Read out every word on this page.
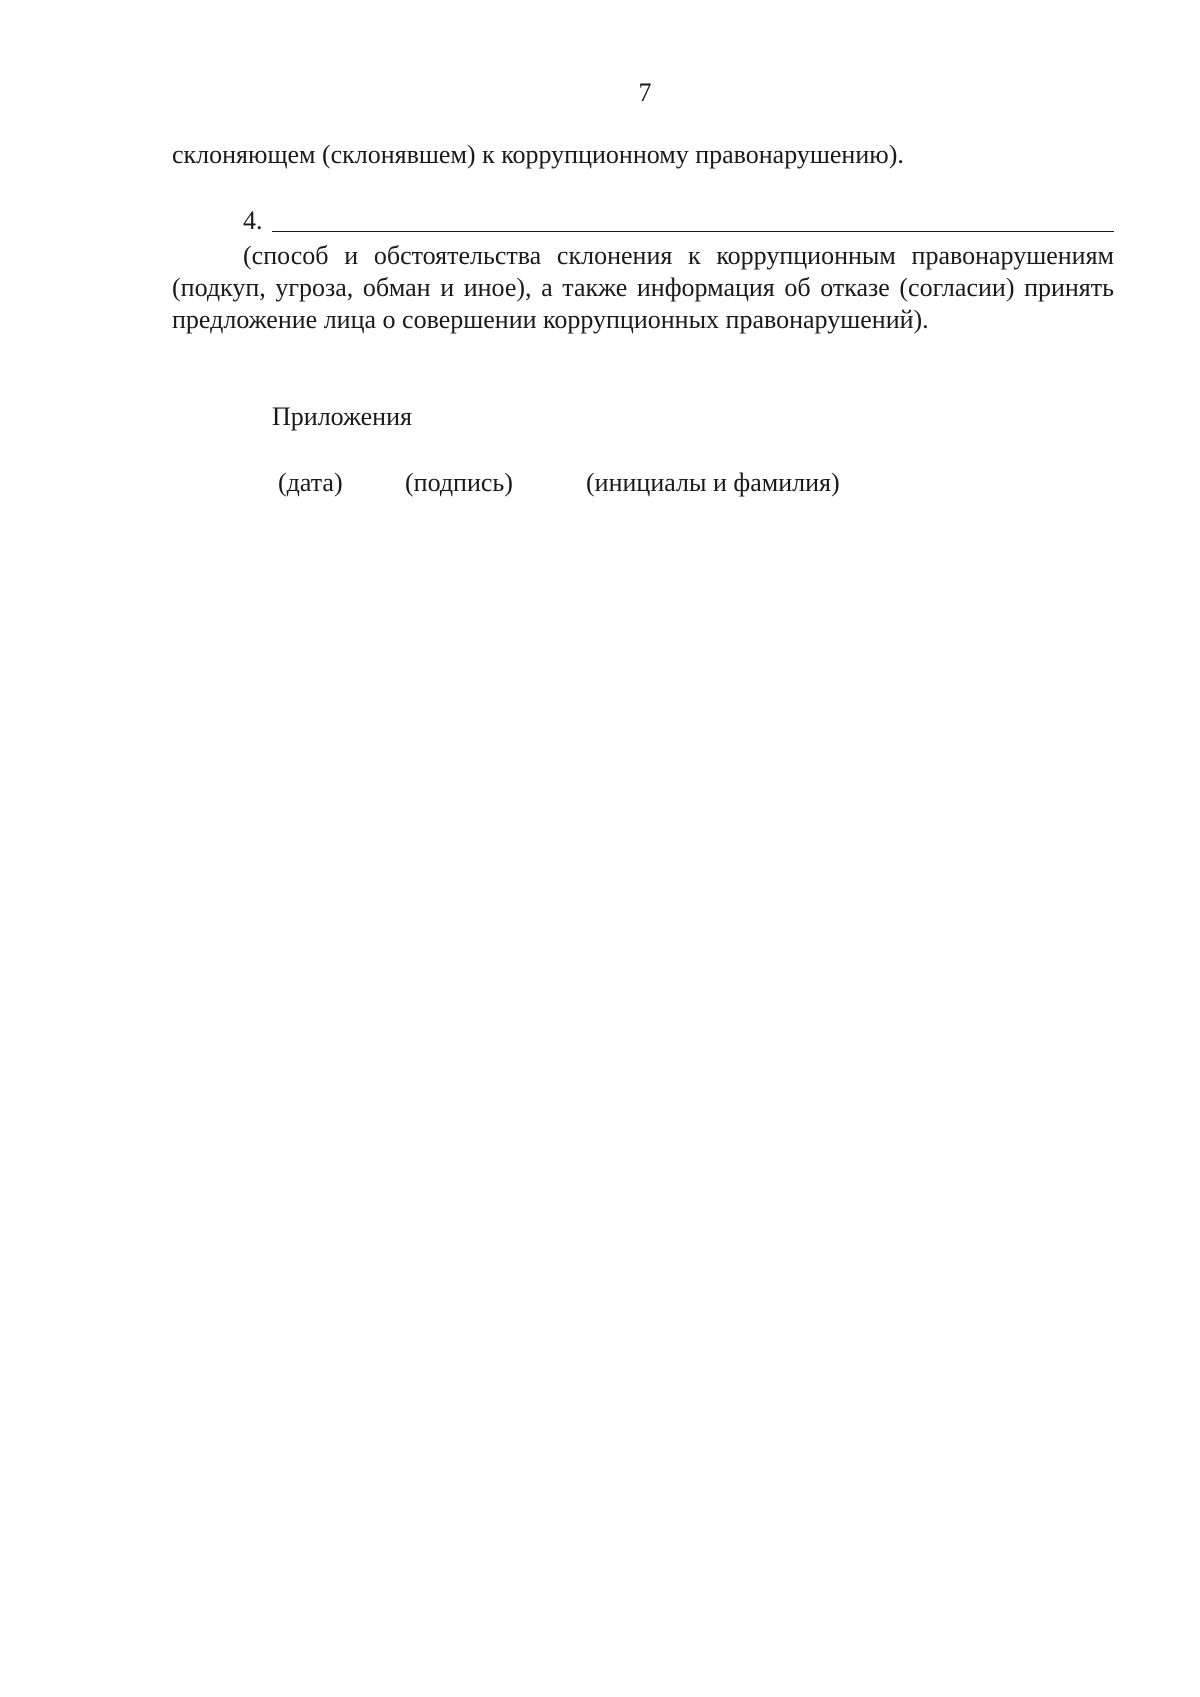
7
склоняющем (склонявшем) к коррупционному правонарушению).
4.
(способ и обстоятельства склонения к коррупционным правонарушениям (подкуп, угроза, обман и иное), а также информация об отказе (согласии) принять предложение лица о совершении коррупционных правонарушений).
Приложения
(дата) (подпись)	(инициалы и фамилия)
